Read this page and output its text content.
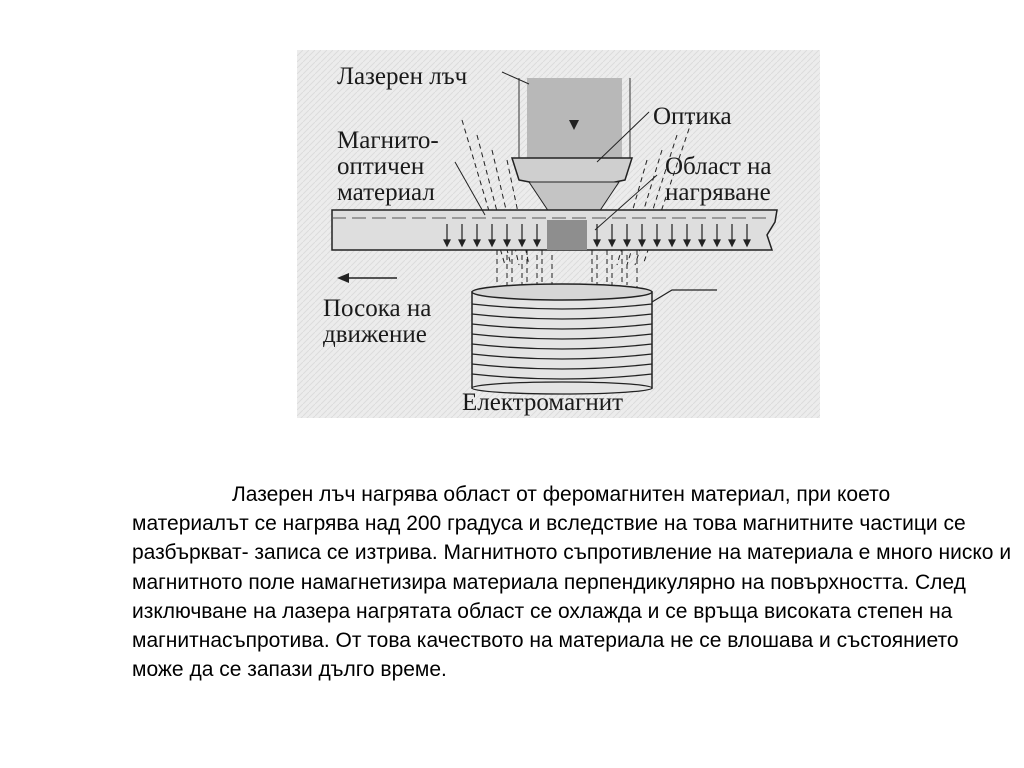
Лазерен лъч
Оптика
Магнито-
оптичен
материал
Област на
нагряване
Посока на
движение
Електромагнит

Лазерен лъч нагрява област от феромагнитен материал, при което материалът се нагрява над 200 градуса и вследствие на това магнитните частици се разбъркват- записа се изтрива. Магнитното съпротивление на материала е много ниско и магнитното поле намагнетизира материала перпендикулярно на повърхността. След изключване на лазера нагрятата област се охлажда и се връща високата степен на магнитнасъпротива. От това качеството на материала не се влошава и състоянието може да се запази дълго време.
